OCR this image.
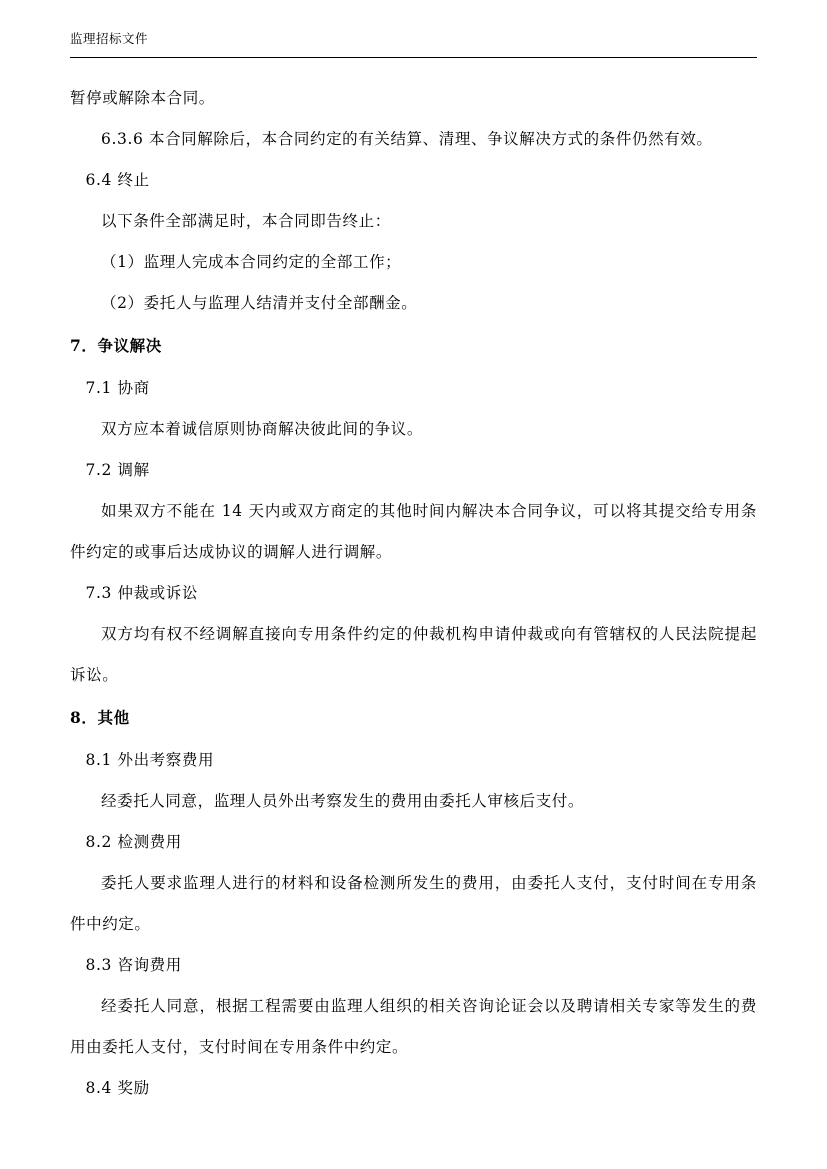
监理招标文件

暂停或解除本合同。

6.3.6 本合同解除后，本合同约定的有关结算、清理、争议解决方式的条件仍然有效。

6.4 终止

以下条件全部满足时，本合同即告终止：

（1）监理人完成本合同约定的全部工作；

（2）委托人与监理人结清并支付全部酬金。

7．争议解决

7.1 协商

双方应本着诚信原则协商解决彼此间的争议。

7.2 调解

如果双方不能在 14 天内或双方商定的其他时间内解决本合同争议，可以将其提交给专用条件约定的或事后达成协议的调解人进行调解。

7.3 仲裁或诉讼

双方均有权不经调解直接向专用条件约定的仲裁机构申请仲裁或向有管辖权的人民法院提起诉讼。

8．其他

8.1 外出考察费用

经委托人同意，监理人员外出考察发生的费用由委托人审核后支付。

8.2 检测费用

委托人要求监理人进行的材料和设备检测所发生的费用，由委托人支付，支付时间在专用条件中约定。

8.3 咨询费用

经委托人同意，根据工程需要由监理人组织的相关咨询论证会以及聘请相关专家等发生的费用由委托人支付，支付时间在专用条件中约定。

8.4 奖励
